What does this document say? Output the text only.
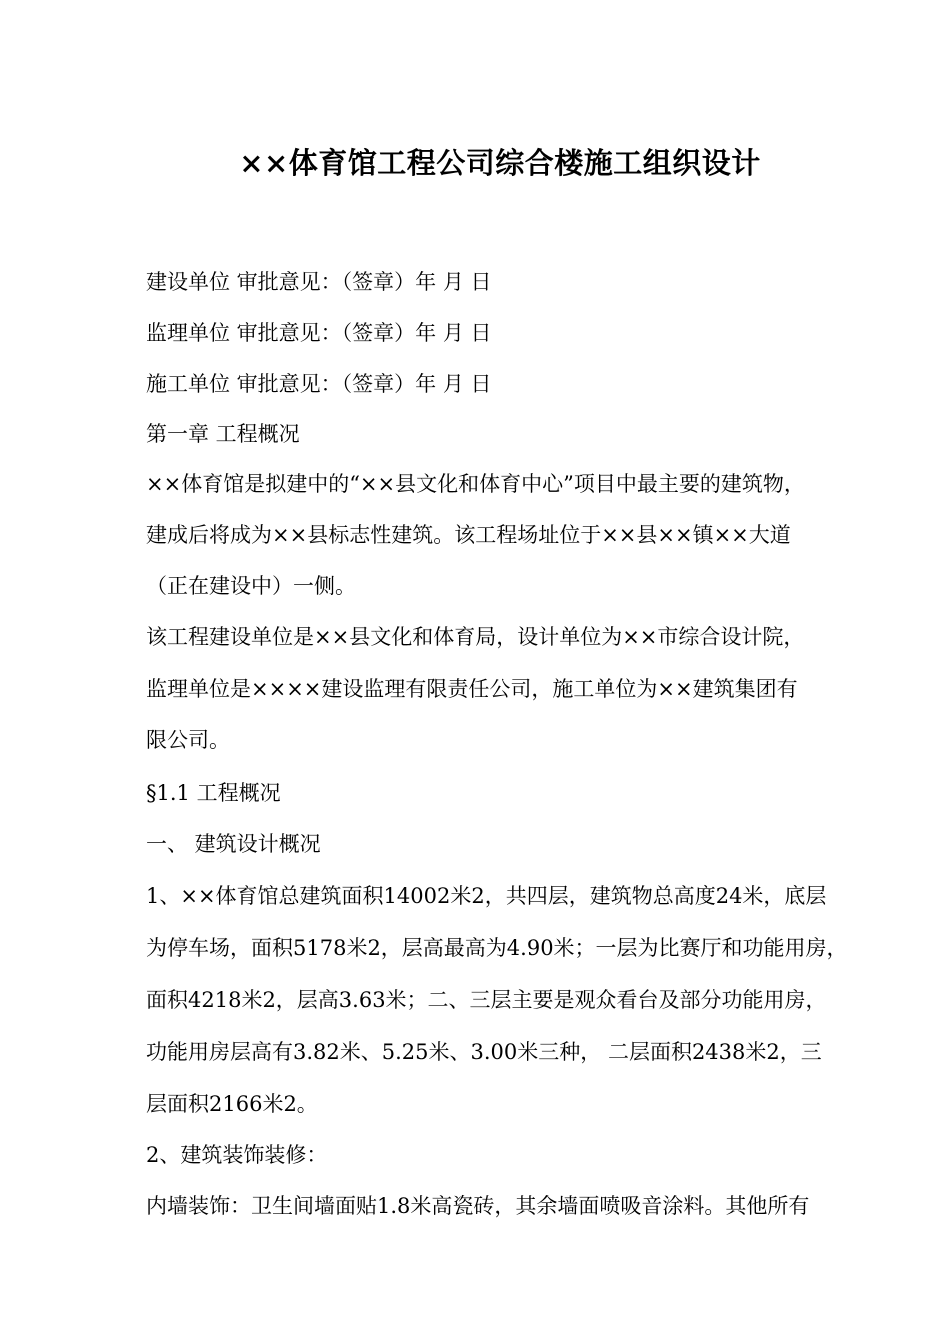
××体育馆工程公司综合楼施工组织设计
建设单位 审批意见：（签章）年 月 日
监理单位 审批意见：（签章）年 月 日
施工单位 审批意见：（签章）年 月 日
第一章 工程概况
××体育馆是拟建中的“××县文化和体育中心”项目中最主要的建筑物，
建成后将成为××县标志性建筑。该工程场址位于××县××镇××大道
（正在建设中）一侧。
该工程建设单位是××县文化和体育局，设计单位为××市综合设计院，
监理单位是××××建设监理有限责任公司，施工单位为××建筑集团有
限公司。
§1.1 工程概况
一、 建筑设计概况
1、××体育馆总建筑面积14002米2，共四层，建筑物总高度24米，底层
为停车场，面积5178米2，层高最高为4.90米；一层为比赛厅和功能用房，
面积4218米2，层高3.63米；二、三层主要是观众看台及部分功能用房，
功能用房层高有3.82米、5.25米、3.00米三种， 二层面积2438米2，三
层面积2166米2。
2、建筑装饰装修：
内墙装饰：卫生间墙面贴1.8米高瓷砖，其余墙面喷吸音涂料。其他所有
